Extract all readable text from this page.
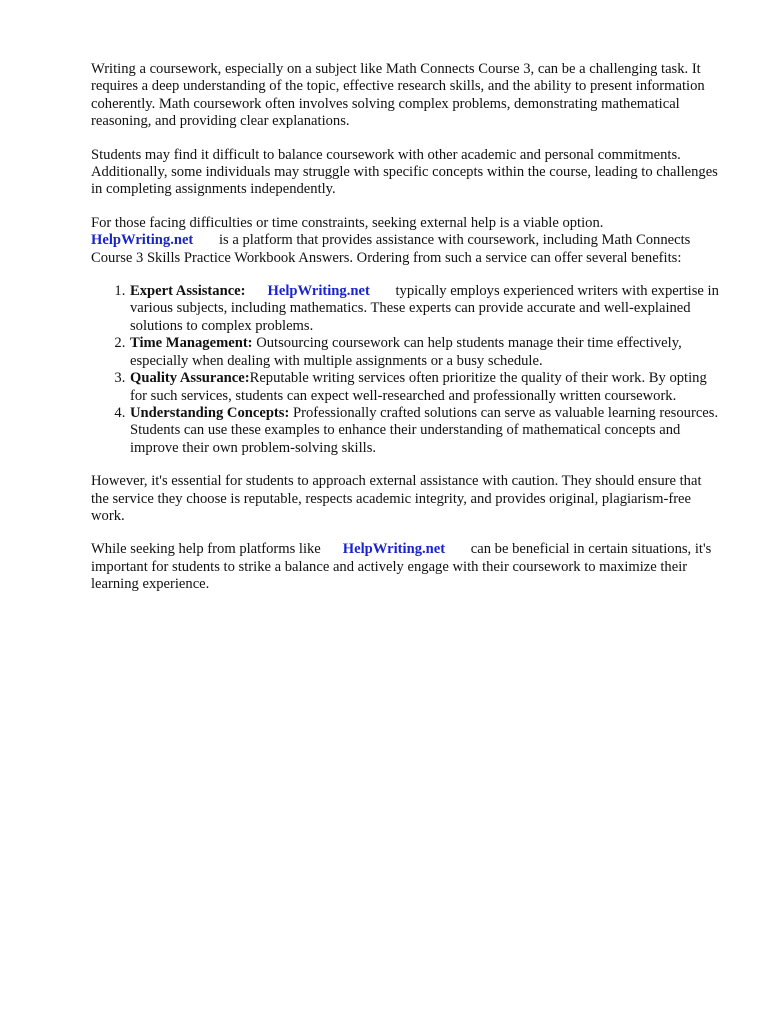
Writing a coursework, especially on a subject like Math Connects Course 3, can be a challenging task. It requires a deep understanding of the topic, effective research skills, and the ability to present information coherently. Math coursework often involves solving complex problems, demonstrating mathematical reasoning, and providing clear explanations.

Students may find it difficult to balance coursework with other academic and personal commitments. Additionally, some individuals may struggle with specific concepts within the course, leading to challenges in completing assignments independently.

For those facing difficulties or time constraints, seeking external help is a viable option.
HelpWriting.net is a platform that provides assistance with coursework, including Math Connects Course 3 Skills Practice Workbook Answers. Ordering from such a service can offer several benefits:

1. Expert Assistance: HelpWriting.net typically employs experienced writers with expertise in various subjects, including mathematics. These experts can provide accurate and well-explained solutions to complex problems.
2. Time Management: Outsourcing coursework can help students manage their time effectively, especially when dealing with multiple assignments or a busy schedule.
3. Quality Assurance:Reputable writing services often prioritize the quality of their work. By opting for such services, students can expect well-researched and professionally written coursework.
4. Understanding Concepts: Professionally crafted solutions can serve as valuable learning resources. Students can use these examples to enhance their understanding of mathematical concepts and improve their own problem-solving skills.

However, it's essential for students to approach external assistance with caution. They should ensure that the service they choose is reputable, respects academic integrity, and provides original, plagiarism-free work.

While seeking help from platforms like HelpWriting.net can be beneficial in certain situations, it's important for students to strike a balance and actively engage with their coursework to maximize their learning experience.
